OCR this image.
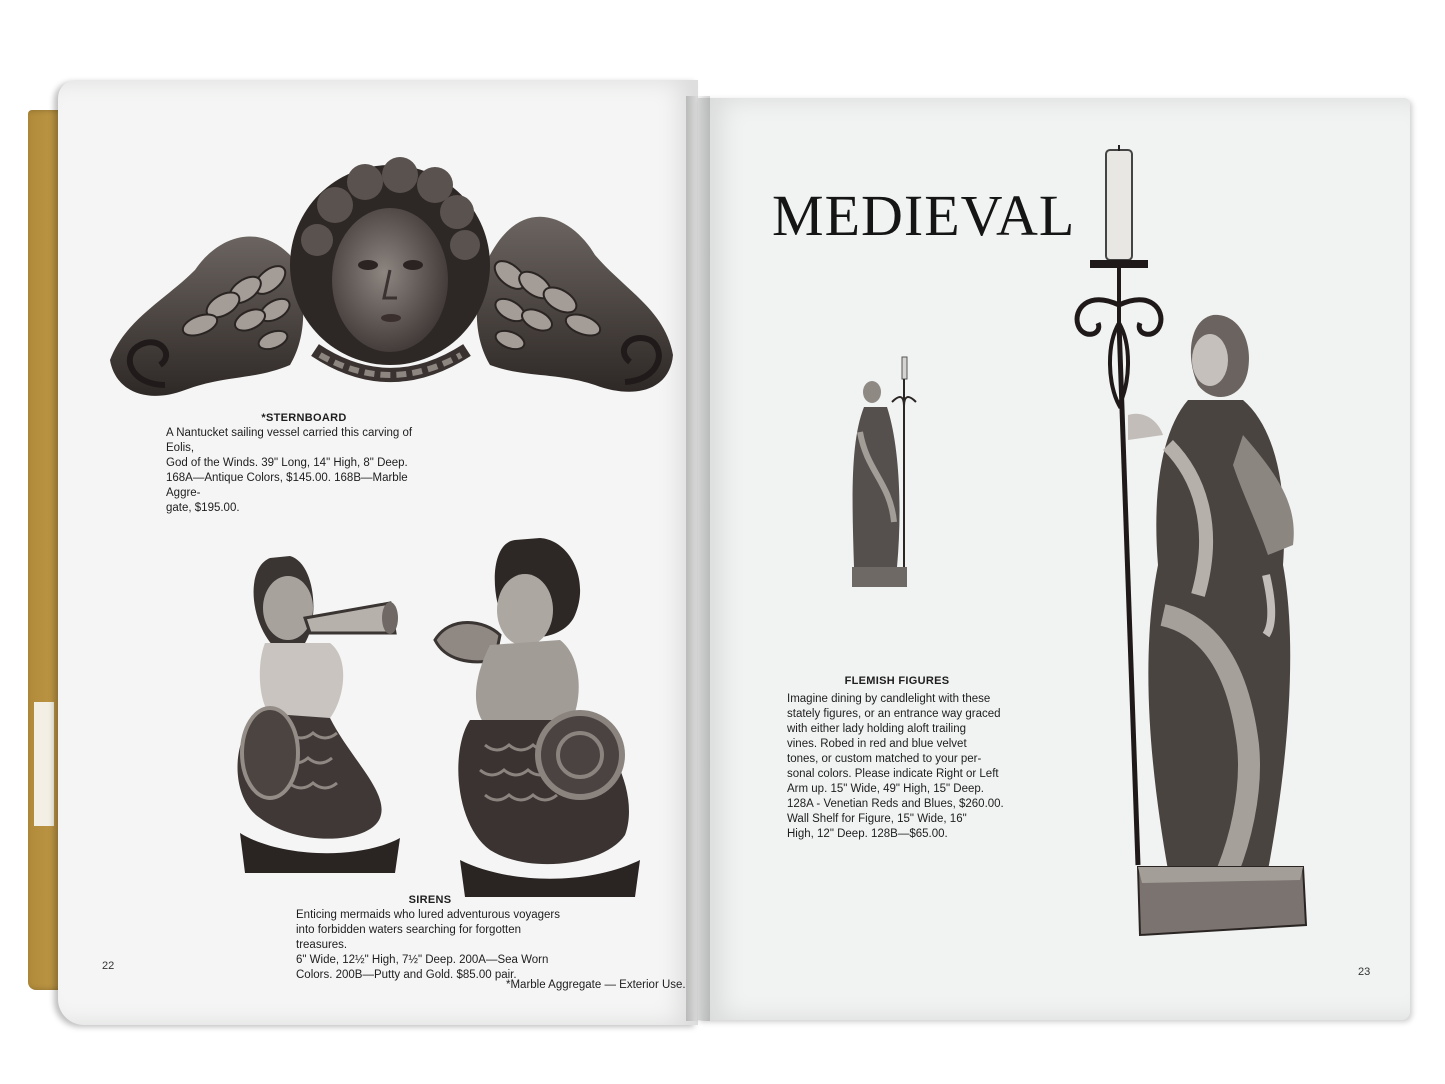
*STERNBOARD
A Nantucket sailing vessel carried this carving of Eolis,
God of the Winds. 39" Long, 14" High, 8" Deep.
168A—Antique Colors, $145.00. 168B—Marble Aggre-
gate, $195.00.
SIRENS
Enticing mermaids who lured adventurous voyagers
into forbidden waters searching for forgotten treasures.
6" Wide, 12½" High, 7½" Deep. 200A—Sea Worn
Colors. 200B—Putty and Gold. $85.00 pair.
22
*Marble Aggregate — Exterior Use.
MEDIEVAL
FLEMISH FIGURES
Imagine dining by candlelight with these
stately figures, or an entrance way graced
with either lady holding aloft trailing
vines. Robed in red and blue velvet
tones, or custom matched to your per-
sonal colors. Please indicate Right or Left
Arm up. 15" Wide, 49" High, 15" Deep.
128A - Venetian Reds and Blues, $260.00.
Wall Shelf for Figure, 15" Wide, 16"
High, 12" Deep. 128B—$65.00.
23
